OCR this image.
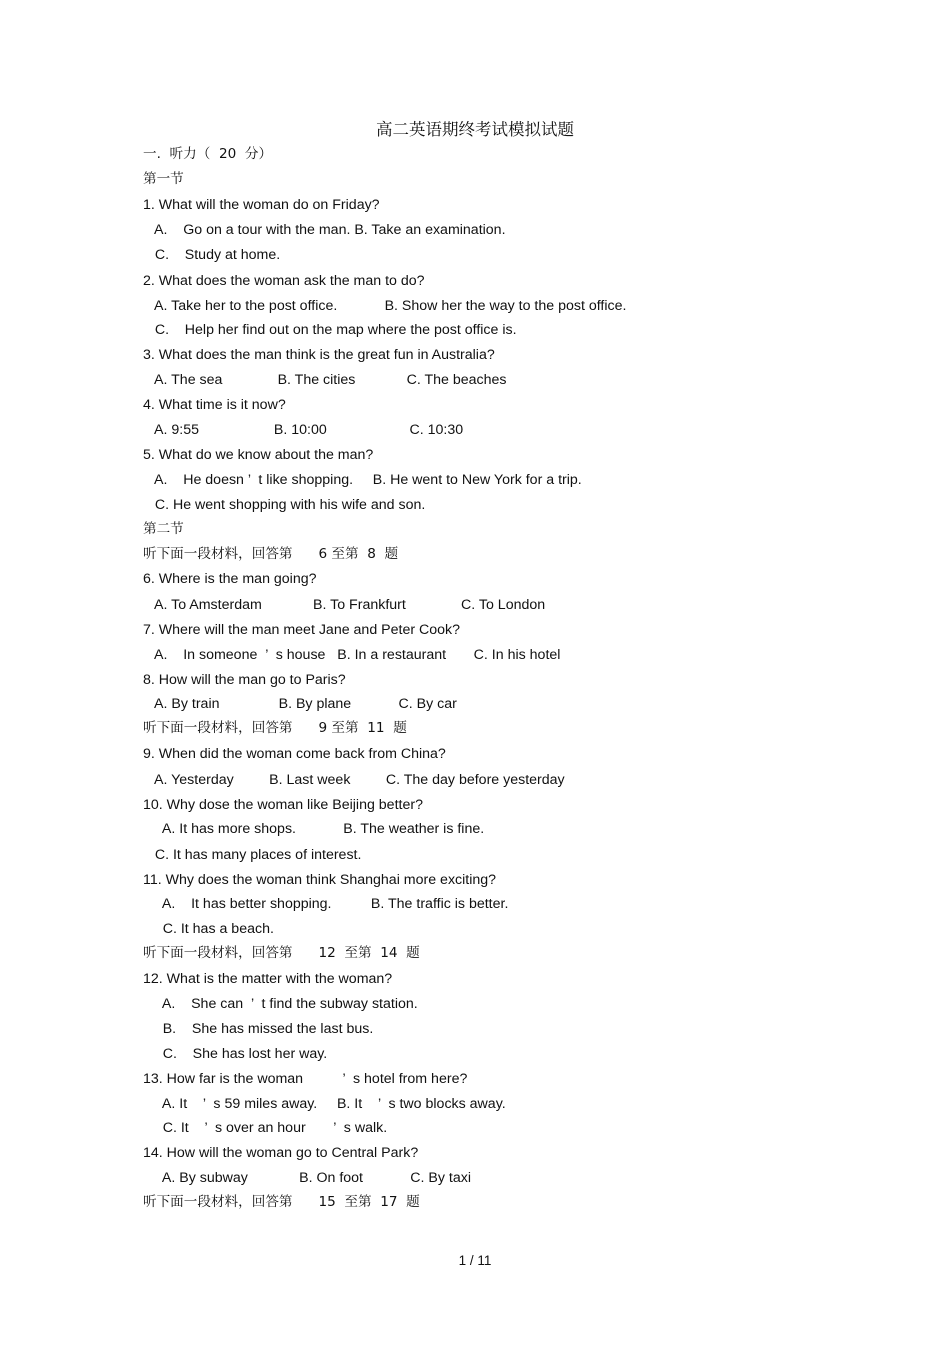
高二英语期终考试模拟试题
一.  听力（  20  分）
第一节
1. What will the woman do on Friday?
A.    Go on a tour with the man. B. Take an examination.
C.    Study at home.
2. What does the woman ask the man to do?
A. Take her to the post office.            B. Show her the way to the post office.
C.    Help her find out on the map where the post office is.
3. What does the man think is the great fun in Australia?
A. The sea              B. The cities             C. The beaches
4. What time is it now?
A. 9:55                   B. 10:00                     C. 10:30
5. What do we know about the man?
A.    He doesn ’  t like shopping.     B. He went to New York for a trip.
C. He went shopping with his wife and son.
第二节
听下面一段材料，回答第      6 至第  8  题
6. Where is the man going?
A. To Amsterdam             B. To Frankfurt              C. To London
7. Where will the man meet Jane and Peter Cook?
A.    In someone  ’  s house   B. In a restaurant       C. In his hotel
8. How will the man go to Paris?
A. By train               B. By plane            C. By car
听下面一段材料，回答第      9 至第  11  题
9. When did the woman come back from China?
A. Yesterday         B. Last week         C. The day before yesterday
10. Why dose the woman like Beijing better?
A. It has more shops.            B. The weather is fine.
C. It has many places of interest.
11. Why does the woman think Shanghai more exciting?
A.    It has better shopping.          B. The traffic is better.
C. It has a beach.
听下面一段材料，回答第      12  至第  14  题
12. What is the matter with the woman?
A.    She can  ’  t find the subway station.
B.    She has missed the last bus.
C.    She has lost her way.
13. How far is the woman          ’  s hotel from here?
A. It    ’  s 59 miles away.     B. It    ’  s two blocks away.
C. It    ’  s over an hour       ’  s walk.
14. How will the woman go to Central Park?
A. By subway             B. On foot            C. By taxi
听下面一段材料，回答第      15  至第  17  题
1 / 11
